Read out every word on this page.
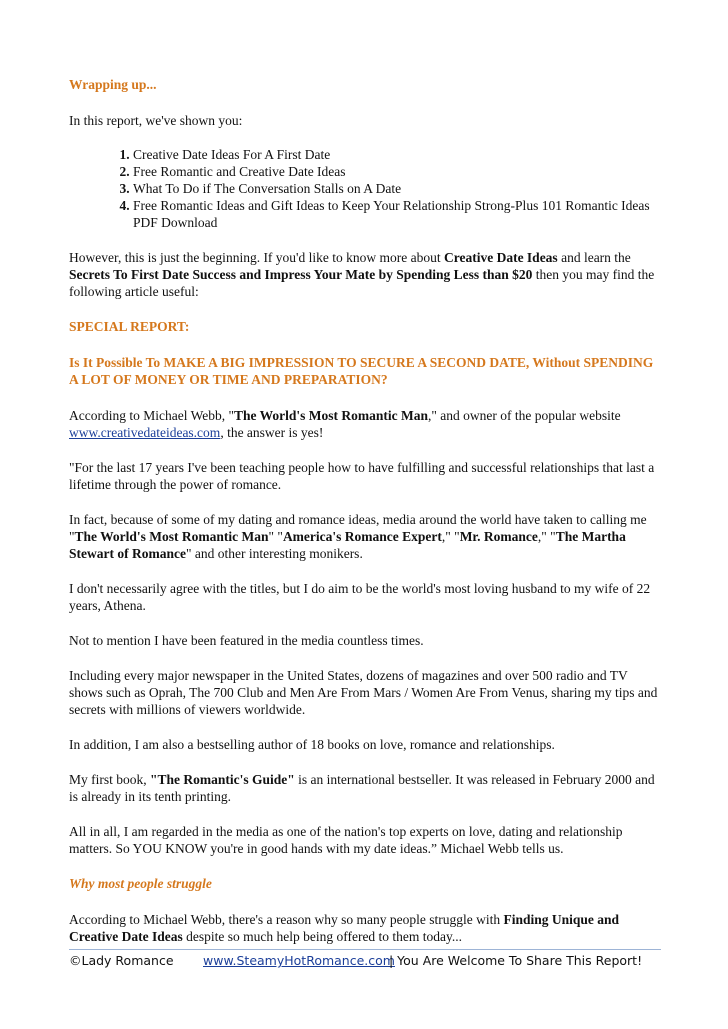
Wrapping up...

In this report, we've shown you:

1. Creative Date Ideas For A First Date
2. Free Romantic and Creative Date Ideas
3. What To Do if The Conversation Stalls on A Date
4. Free Romantic Ideas and Gift Ideas to Keep Your Relationship Strong-Plus 101 Romantic Ideas PDF Download

However, this is just the beginning. If you'd like to know more about Creative Date Ideas and learn the Secrets To First Date Success and Impress Your Mate by Spending Less than $20 then you may find the following article useful:

SPECIAL REPORT:
Is It Possible To MAKE A BIG IMPRESSION TO SECURE A SECOND DATE, Without SPENDING A LOT OF MONEY OR TIME AND PREPARATION?

According to Michael Webb, "The World's Most Romantic Man," and owner of the popular website www.creativedateideas.com, the answer is yes!

"For the last 17 years I've been teaching people how to have fulfilling and successful relationships that last a lifetime through the power of romance.

In fact, because of some of my dating and romance ideas, media around the world have taken to calling me "The World's Most Romantic Man" "America's Romance Expert," "Mr. Romance," "The Martha Stewart of Romance" and other interesting monikers.

I don't necessarily agree with the titles, but I do aim to be the world's most loving husband to my wife of 22 years, Athena.

Not to mention I have been featured in the media countless times.

Including every major newspaper in the United States, dozens of magazines and over 500 radio and TV shows such as Oprah, The 700 Club and Men Are From Mars / Women Are From Venus, sharing my tips and secrets with millions of viewers worldwide.

In addition, I am also a bestselling author of 18 books on love, romance and relationships.

My first book, "The Romantic's Guide" is an international bestseller. It was released in February 2000 and is already in its tenth printing.

All in all, I am regarded in the media as one of the nation's top experts on love, dating and relationship matters. So YOU KNOW you're in good hands with my date ideas.” Michael Webb tells us.

Why most people struggle

According to Michael Webb, there's a reason why so many people struggle with Finding Unique and Creative Date Ideas despite so much help being offered to them today...

©Lady Romance www.SteamyHotRomance.com
| You Are Welcome To Share This Report!
